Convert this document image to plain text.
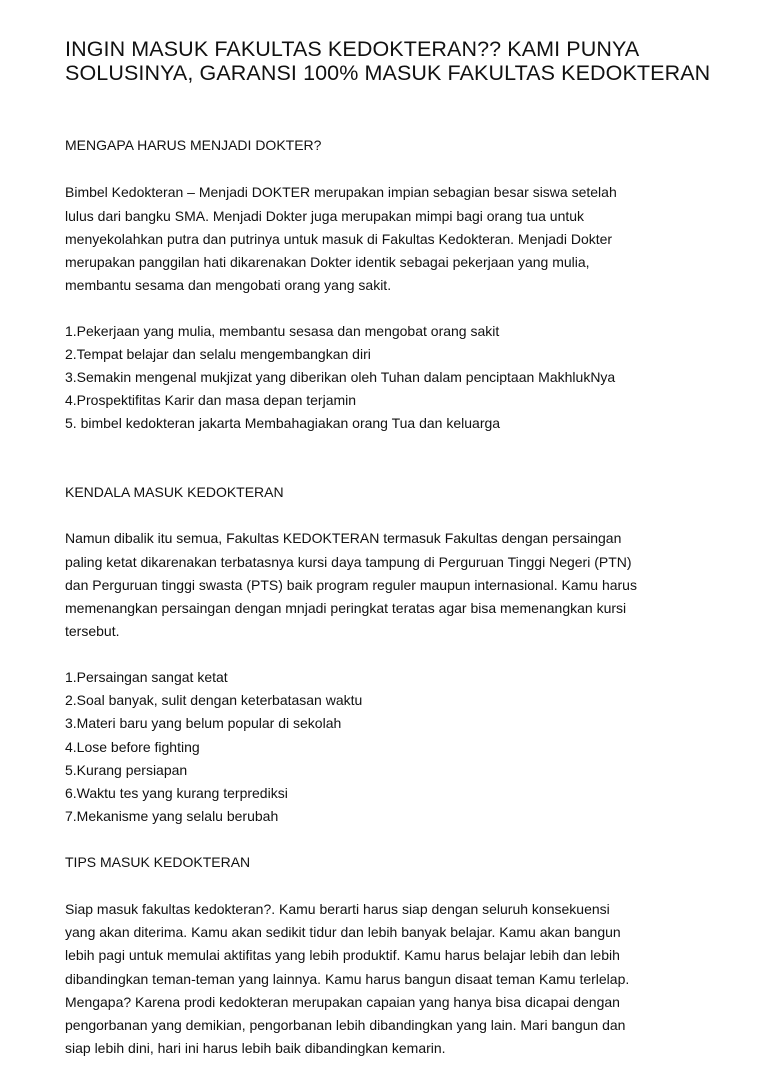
INGIN MASUK FAKULTAS KEDOKTERAN?? KAMI PUNYA SOLUSINYA, GARANSI 100% MASUK FAKULTAS KEDOKTERAN
MENGAPA HARUS MENJADI DOKTER?
Bimbel Kedokteran – Menjadi DOKTER merupakan impian sebagian besar siswa setelah
lulus dari bangku SMA. Menjadi Dokter juga merupakan mimpi bagi orang tua untuk
menyekolahkan putra dan putrinya untuk masuk di Fakultas Kedokteran. Menjadi Dokter
merupakan panggilan hati dikarenakan Dokter identik sebagai pekerjaan yang mulia,
membantu sesama dan mengobati orang yang sakit.
1.Pekerjaan yang mulia, membantu sesasa dan mengobat orang sakit
2.Tempat belajar dan selalu mengembangkan diri
3.Semakin mengenal mukjizat yang diberikan oleh Tuhan dalam penciptaan MakhlukNya
4.Prospektifitas Karir dan masa depan terjamin
5. bimbel kedokteran jakarta Membahagiakan orang Tua dan keluarga
KENDALA MASUK KEDOKTERAN
Namun dibalik itu semua, Fakultas KEDOKTERAN termasuk Fakultas dengan persaingan
paling ketat dikarenakan terbatasnya kursi daya tampung di Perguruan Tinggi Negeri (PTN)
dan Perguruan tinggi swasta (PTS) baik program reguler maupun internasional. Kamu harus
memenangkan persaingan dengan mnjadi peringkat teratas agar bisa memenangkan kursi
tersebut.
1.Persaingan sangat ketat
2.Soal banyak, sulit dengan keterbatasan waktu
3.Materi baru yang belum popular di sekolah
4.Lose before fighting
5.Kurang persiapan
6.Waktu tes yang kurang terprediksi
7.Mekanisme yang selalu berubah
TIPS MASUK KEDOKTERAN
Siap masuk fakultas kedokteran?. Kamu berarti harus siap dengan seluruh konsekuensi
yang akan diterima. Kamu akan sedikit tidur dan lebih banyak belajar. Kamu akan bangun
lebih pagi untuk memulai aktifitas yang lebih produktif. Kamu harus belajar lebih dan lebih
dibandingkan teman-teman yang lainnya. Kamu harus bangun disaat teman Kamu terlelap.
Mengapa? Karena prodi kedokteran merupakan capaian yang hanya bisa dicapai dengan
pengorbanan yang demikian, pengorbanan lebih dibandingkan yang lain. Mari bangun dan
siap lebih dini, hari ini harus lebih baik dibandingkan kemarin.
